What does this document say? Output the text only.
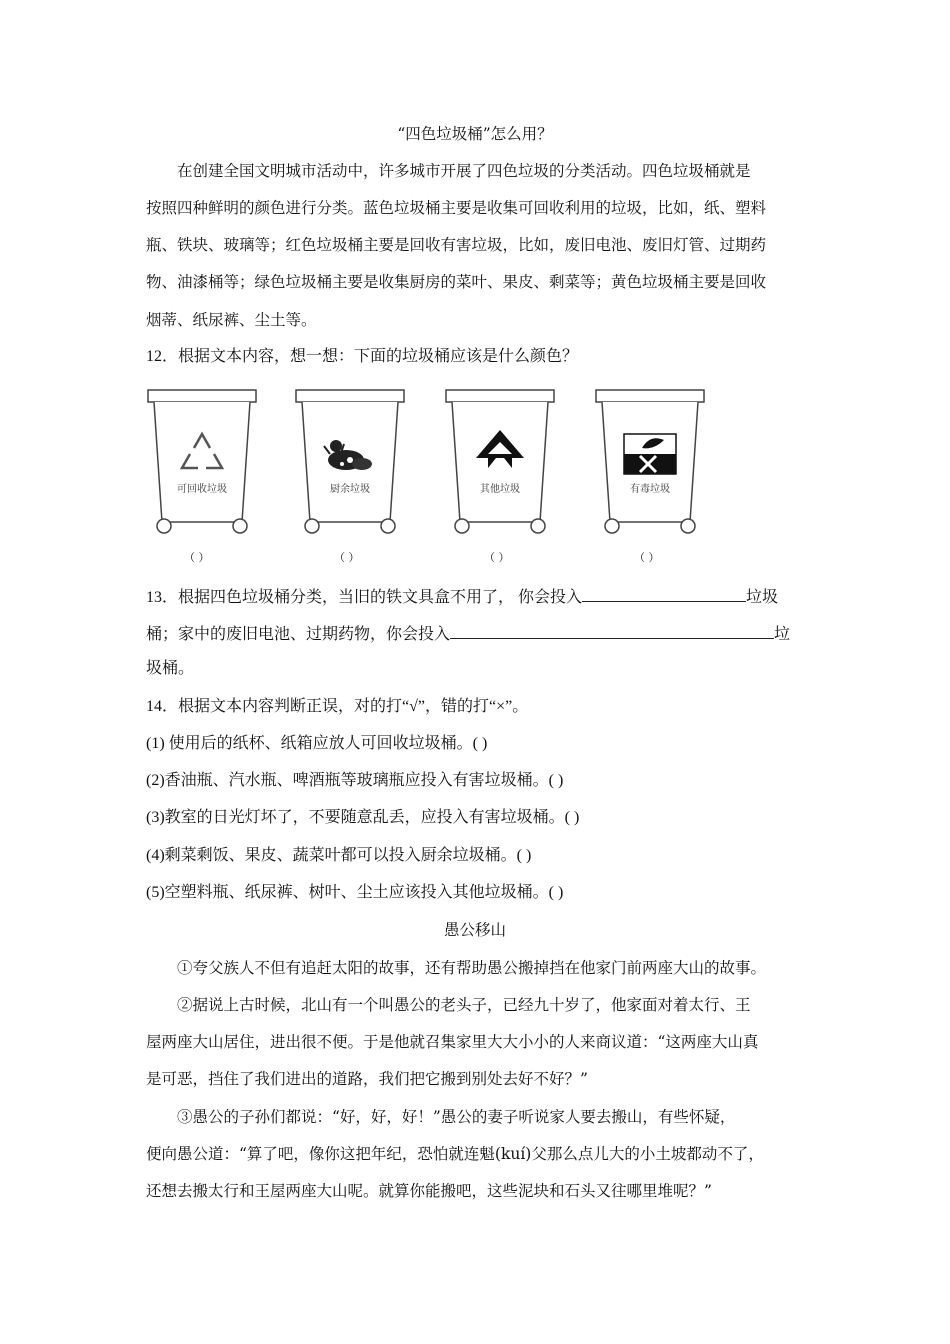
“四色垃圾桶”怎么用？
在创建全国文明城市活动中，许多城市开展了四色垃圾的分类活动。四色垃圾桶就是
按照四种鲜明的颜色进行分类。蓝色垃圾桶主要是收集可回收利用的垃圾，比如，纸、塑料
瓶、铁块、玻璃等；红色垃圾桶主要是回收有害垃圾，比如，废旧电池、废旧灯管、过期药
物、油漆桶等；绿色垃圾桶主要是收集厨房的菜叶、果皮、剩菜等；黄色垃圾桶主要是回收
烟蒂、纸尿裤、尘土等。
12．根据文本内容，想一想：下面的垃圾桶应该是什么颜色？
可回收垃圾
（ ）
厨余垃圾
（ ）
其他垃圾
（ ）
有毒垃圾
（ ）
13．根据四色垃圾桶分类，当旧的铁文具盒不用了， 你会投入	垃圾
桶；家中的废旧电池、过期药物，你会投入	垃
圾桶。
14．根据文本内容判断正误，对的打“√”，错的打“×”。
(1) 使用后的纸杯、纸箱应放人可回收垃圾桶。( )
(2)香油瓶、汽水瓶、啤酒瓶等玻璃瓶应投入有害垃圾桶。( )
(3)教室的日光灯坏了，不要随意乱丢，应投入有害垃圾桶。( )
(4)剩菜剩饭、果皮、蔬菜叶都可以投入厨余垃圾桶。( )
(5)空塑料瓶、纸尿裤、树叶、尘土应该投入其他垃圾桶。( )
愚公移山
①夸父族人不但有追赶太阳的故事，还有帮助愚公搬掉挡在他家门前两座大山的故事。
②据说上古时候，北山有一个叫愚公的老头子，已经九十岁了，他家面对着太行、王
屋两座大山居住，进出很不便。于是他就召集家里大大小小的人来商议道：“这两座大山真
是可恶，挡住了我们进出的道路，我们把它搬到别处去好不好？”
③愚公的子孙们都说：“好，好，好！”愚公的妻子听说家人要去搬山，有些怀疑，
便向愚公道：“算了吧，像你这把年纪，恐怕就连魁(kuí)父那么点儿大的小土坡都动不了，
还想去搬太行和王屋两座大山呢。就算你能搬吧，这些泥块和石头又往哪里堆呢？”
